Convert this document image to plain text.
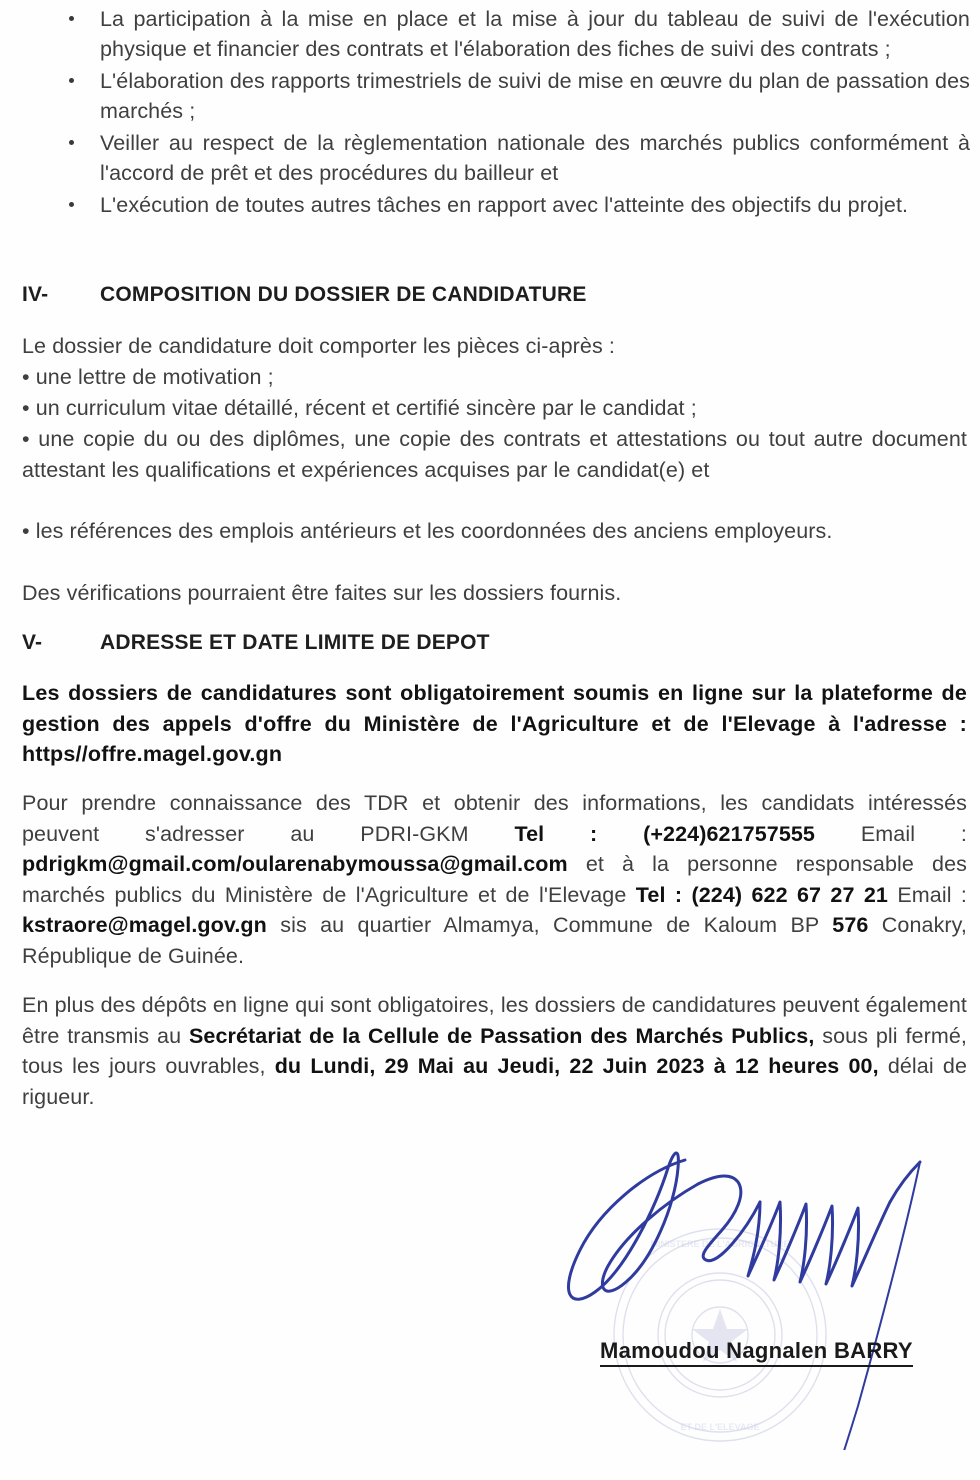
La participation à la mise en place et la mise à jour du tableau de suivi de l'exécution physique et financier des contrats et l'élaboration des fiches de suivi des contrats ;
L'élaboration des rapports trimestriels de suivi de mise en œuvre du plan de passation des marchés ;
Veiller au respect de la règlementation nationale des marchés publics conformément à l'accord de prêt et des procédures du bailleur et
L'exécution de toutes autres tâches en rapport avec l'atteinte des objectifs du projet.
IV- COMPOSITION DU DOSSIER DE CANDIDATURE
Le dossier de candidature doit comporter les pièces ci-après :
• une lettre de motivation ;
• un curriculum vitae détaillé, récent et certifié sincère par le candidat ;
• une copie du ou des diplômes, une copie des contrats et attestations ou tout autre document attestant les qualifications et expériences acquises par le candidat(e) et
• les références des emplois antérieurs et les coordonnées des anciens employeurs.
Des vérifications pourraient être faites sur les dossiers fournis.
V-	ADRESSE ET DATE LIMITE DE DEPOT
Les dossiers de candidatures sont obligatoirement soumis en ligne sur la plateforme de gestion des appels d'offre du Ministère de l'Agriculture et de l'Elevage à l'adresse : https//offre.magel.gov.gn
Pour prendre connaissance des TDR et obtenir des informations, les candidats intéressés peuvent s'adresser au PDRI-GKM Tel : (+224)621757555 Email : pdrigkm@gmail.com/oularenabymoussa@gmail.com et à la personne responsable des marchés publics du Ministère de l'Agriculture et de l'Elevage Tel : (224) 622 67 27 21 Email : kstraore@magel.gov.gn sis au quartier Almamya, Commune de Kaloum BP 576 Conakry, République de Guinée.
En plus des dépôts en ligne qui sont obligatoires, les dossiers de candidatures peuvent également être transmis au Secrétariat de la Cellule de Passation des Marchés Publics, sous pli fermé, tous les jours ouvrables, du Lundi, 29 Mai au Jeudi, 22 Juin 2023 à 12 heures 00, délai de rigueur.
MINISTERE DE L'AGRICULTURE
ET DE L'ELEVAGE
Mamoudou Nagnalen BARRY
